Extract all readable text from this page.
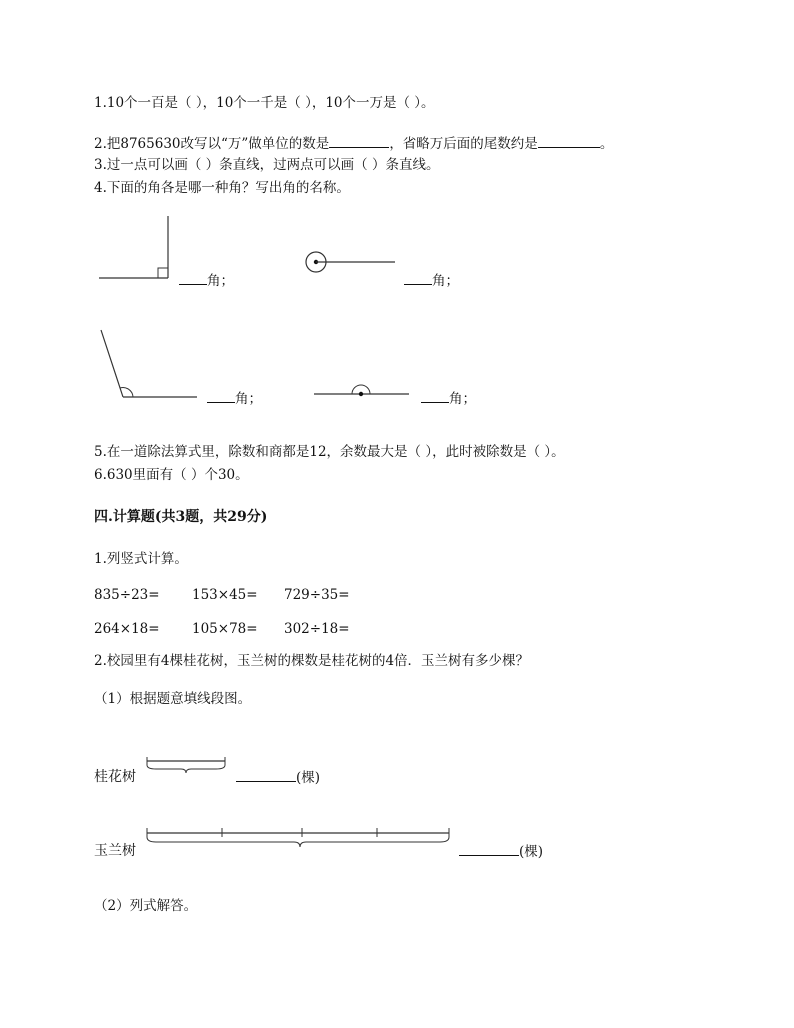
1.10个一百是（ ），10个一千是（ ），10个一万是（ ）。
2.把8765630改写以“万”做单位的数是	，省略万后面的尾数约是	。
3.过一点可以画（ ）条直线，过两点可以画（ ）条直线。
4.下面的角各是哪一种角？写出角的名称。
角；	角；
角；	角；
5.在一道除法算式里，除数和商都是12，余数最大是（ ），此时被除数是（ ）。
6.630里面有（ ）个30。
四.计算题(共3题，共29分)
1.列竖式计算。
835÷23= 153×45= 729÷35=
264×18= 105×78= 302÷18=
2.校园里有4棵桂花树，玉兰树的棵数是桂花树的4倍．玉兰树有多少棵？
（1）根据题意填线段图。
桂花树	(棵)
玉兰树	(棵)
（2）列式解答。
